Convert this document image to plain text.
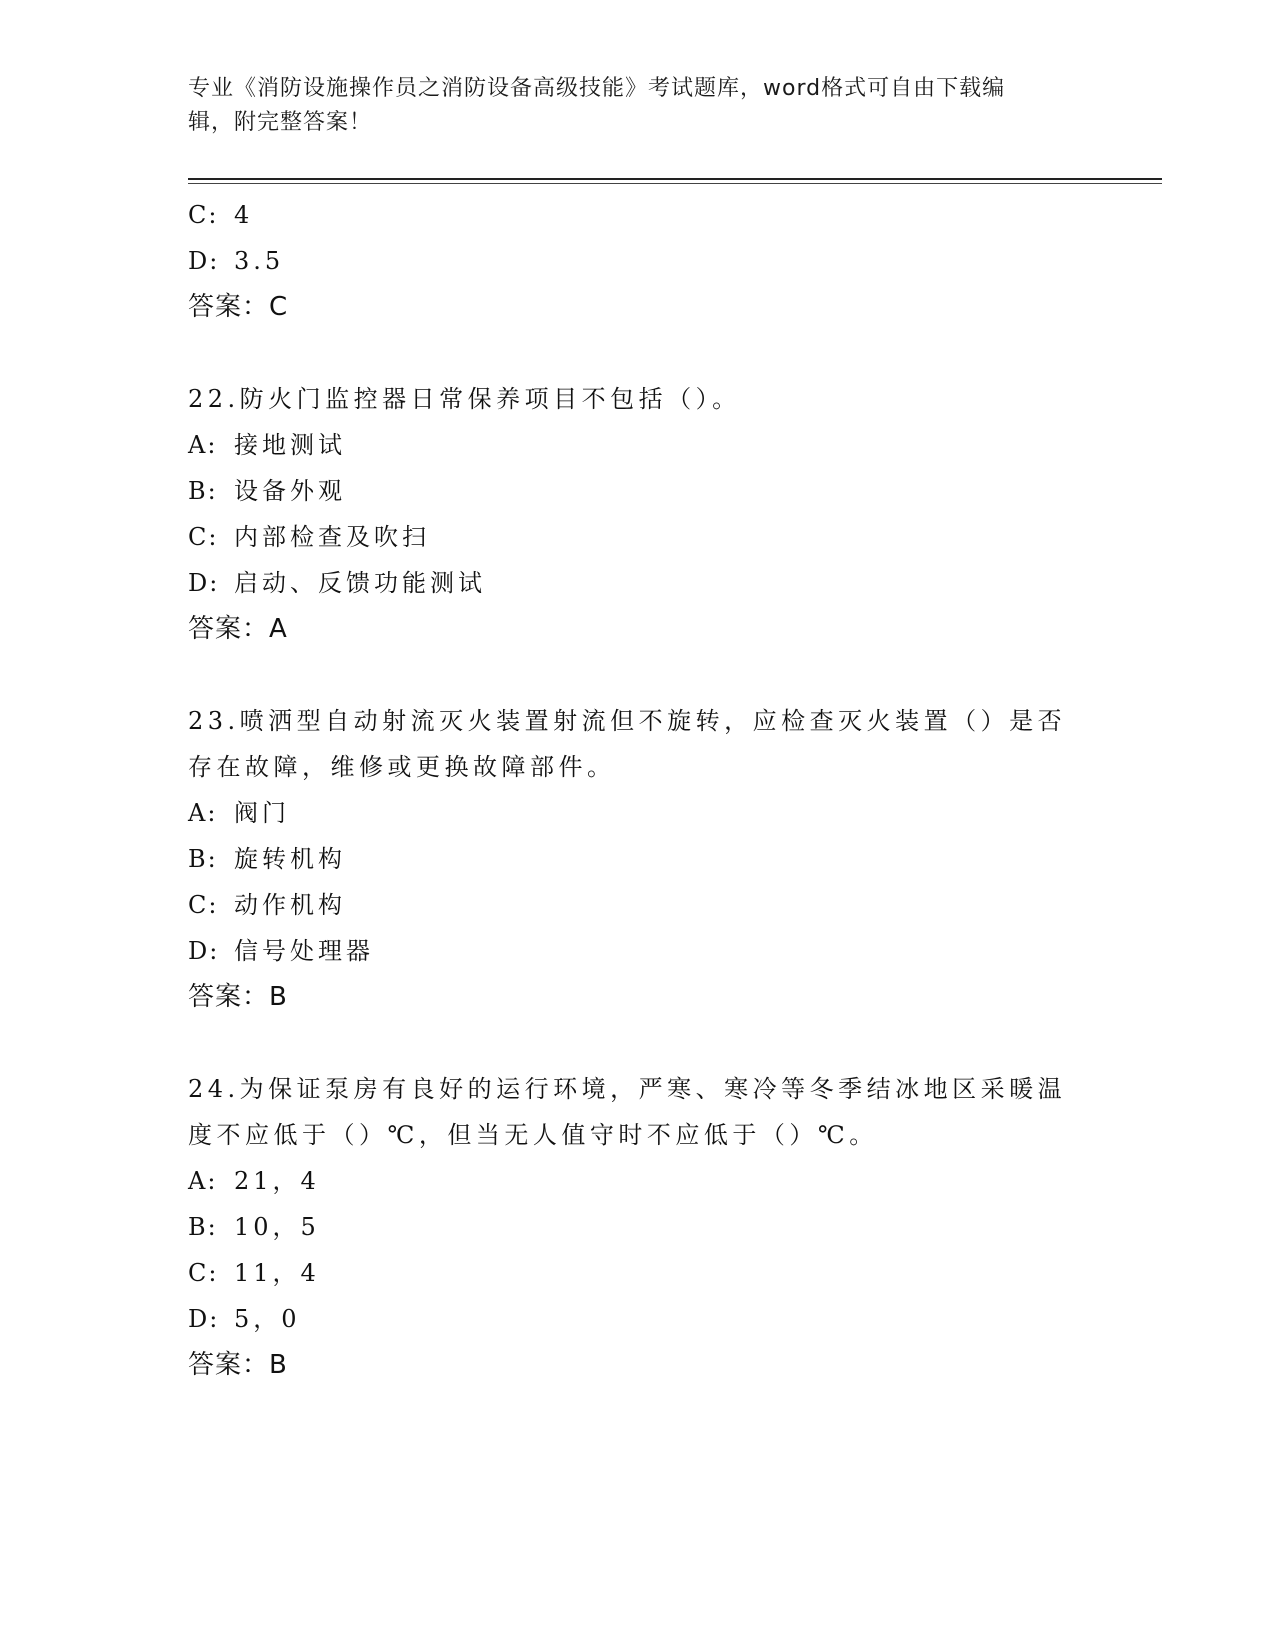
专业《消防设施操作员之消防设备高级技能》考试题库，word格式可自由下载编
辑，附完整答案！
C: 4
D: 3.5
答案：C
22.防火门监控器日常保养项目不包括（）。
A: 接地测试
B: 设备外观
C: 内部检查及吹扫
D: 启动、反馈功能测试
答案：A
23.喷洒型自动射流灭火装置射流但不旋转，应检查灭火装置（）是否
存在故障，维修或更换故障部件。
A: 阀门
B: 旋转机构
C: 动作机构
D: 信号处理器
答案：B
24.为保证泵房有良好的运行环境，严寒、寒冷等冬季结冰地区采暖温
度不应低于（）℃，但当无人值守时不应低于（）℃。
A: 21，4
B: 10，5
C: 11，4
D: 5，0
答案：B
